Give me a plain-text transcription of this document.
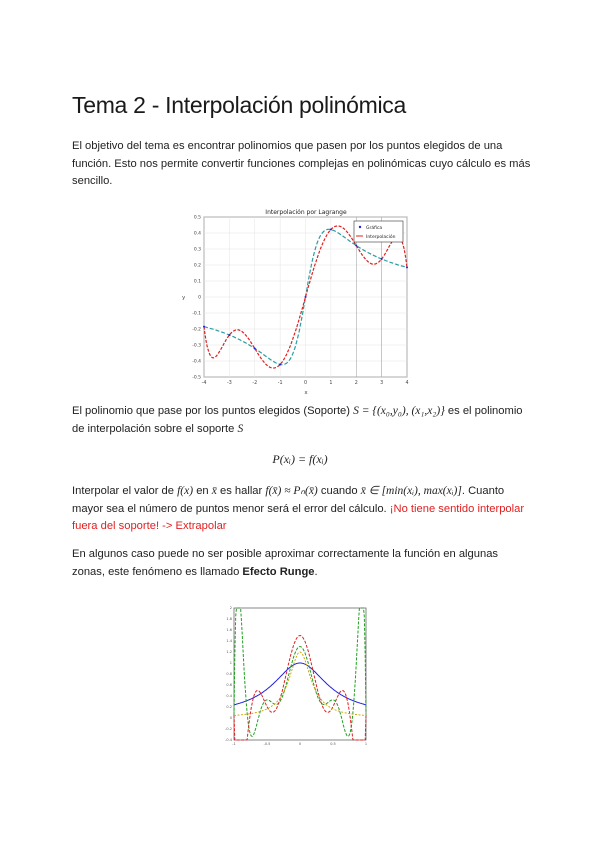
Tema 2 - Interpolación polinómica

El objetivo del tema es encontrar polinomios que pasen por los puntos elegidos de una función. Esto nos permite convertir funciones complejas en polinómicas cuyo cálculo es más sencillo.

Interpolación por Lagrange
0.5
0.4
0.3
0.2
0.1
0
-0.1
-0.2
-0.3
-0.4
-0.5
-4	-3	-2	-1	0	1	2	3	4
x
y
Gráfica
Interpolación

El polinomio que pase por los puntos elegidos (Soporte) S = {(x₀,y₀), (x₁,x₂)} es el polinomio de interpolación sobre el soporte S

P(xᵢ) = f(xᵢ)

Interpolar el valor de f(x) en x̄ es hallar f(x̄) ≈ Pₙ(x̄) cuando x̄ ∈ [min(xᵢ), max(xᵢ)]. Cuanto mayor sea el número de puntos menor será el error del cálculo. ¡No tiene sentido interpolar fuera del soporte! -> Extrapolar

En algunos caso puede no ser posible aproximar correctamente la función en algunas zonas, este fenómeno es llamado Efecto Runge.

2
1.8
1.6
1.4
1.2
1
0.8
0.6
0.4
0.2
0
-0.2
-0.4
-1	-0.5	0	0.5	1
